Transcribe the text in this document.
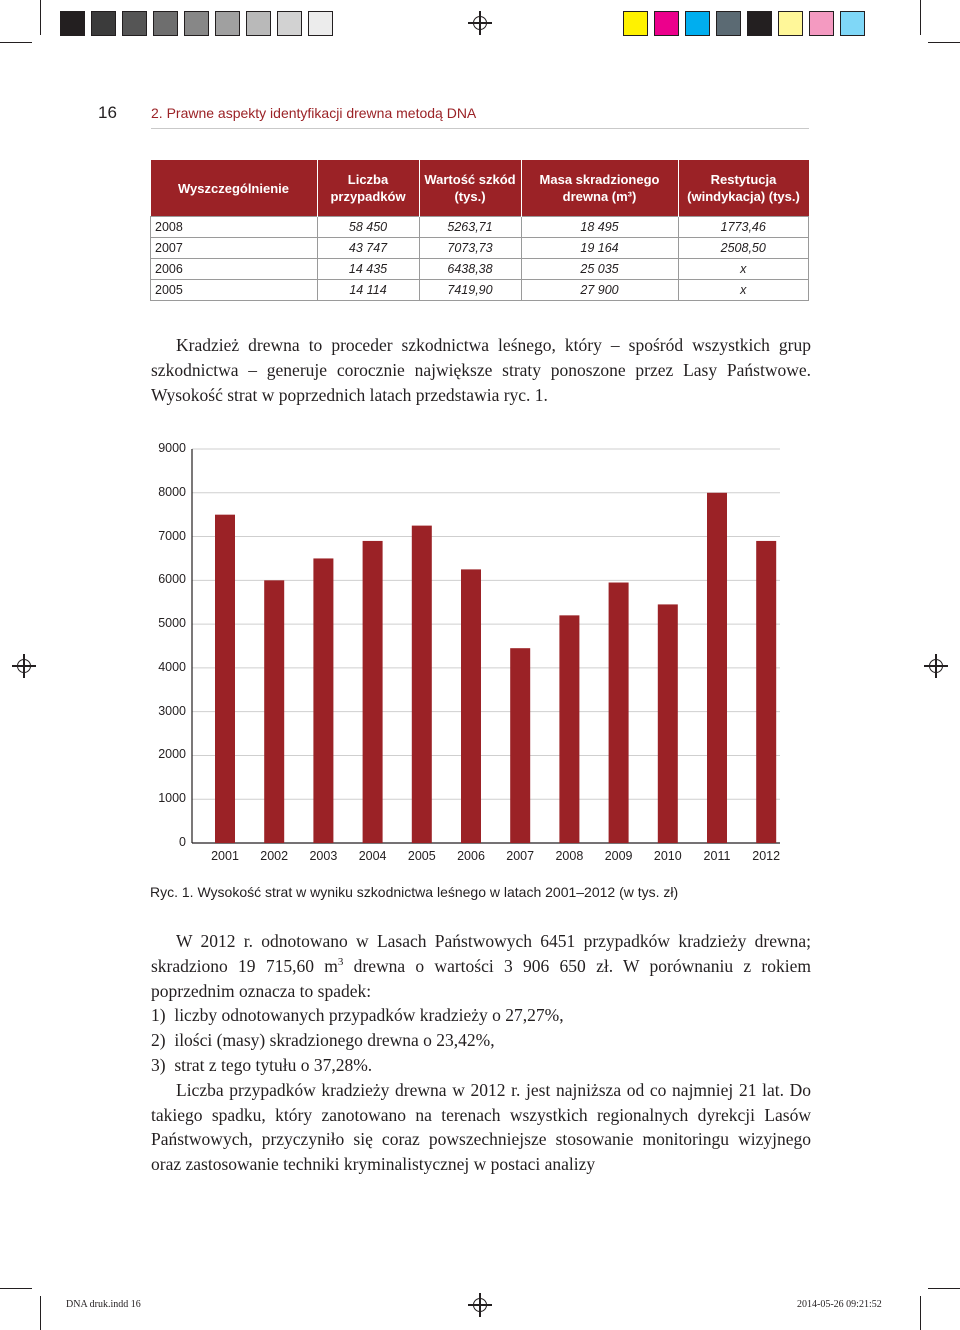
16 2. Prawne aspekty identyfikacji drewna metodą DNA
Wyszczególnienie	Liczba przypadków	Wartość szkód (tys.)	Masa skradzionego drewna (m³)	Restytucja (windykacja) (tys.)
2008	58 450	5263,71	18 495	1773,46
2007	43 747	7073,73	19 164	2508,50
2006	14 435	6438,38	25 035	x
2005	14 114	7419,90	27 900	x

Kradzież drewna to proceder szkodnictwa leśnego, który – spośród wszystkich grup szkodnictwa – generuje corocznie największe straty ponoszone przez Lasy Państwowe. Wysokość strat w poprzednich latach przedstawia ryc. 1.

0
1000
2000
3000
4000
5000
6000
7000
8000
9000
2001 2002 2003 2004 2005 2006 2007 2008 2009 2010 2011 2012
Ryc. 1. Wysokość strat w wyniku szkodnictwa leśnego w latach 2001–2012 (w tys. zł)

W 2012 r. odnotowano w Lasach Państwowych 6451 przypadków kradzieży drewna; skradziono 19 715,60 $m^3$ drewna o wartości 3 906 650 zł. W porównaniu z rokiem poprzednim oznacza to spadek:

1)  liczby odnotowanych przypadków kradzieży o 27,27%,

2)  ilości (masy) skradzionego drewna o 23,42%,

3)  strat z tego tytułu o 37,28%.

Liczba przypadków kradzieży drewna w 2012 r. jest najniższa od co najmniej 21 lat. Do takiego spadku, który zanotowano na terenach wszystkich regionalnych dyrekcji Lasów Państwowych, przyczyniło się coraz powszechniejsze stosowanie monitoringu wizyjnego oraz zastosowanie techniki kryminalistycznej w postaci analizy

DNA druk.indd 16	2014-05-26 09:21:52
